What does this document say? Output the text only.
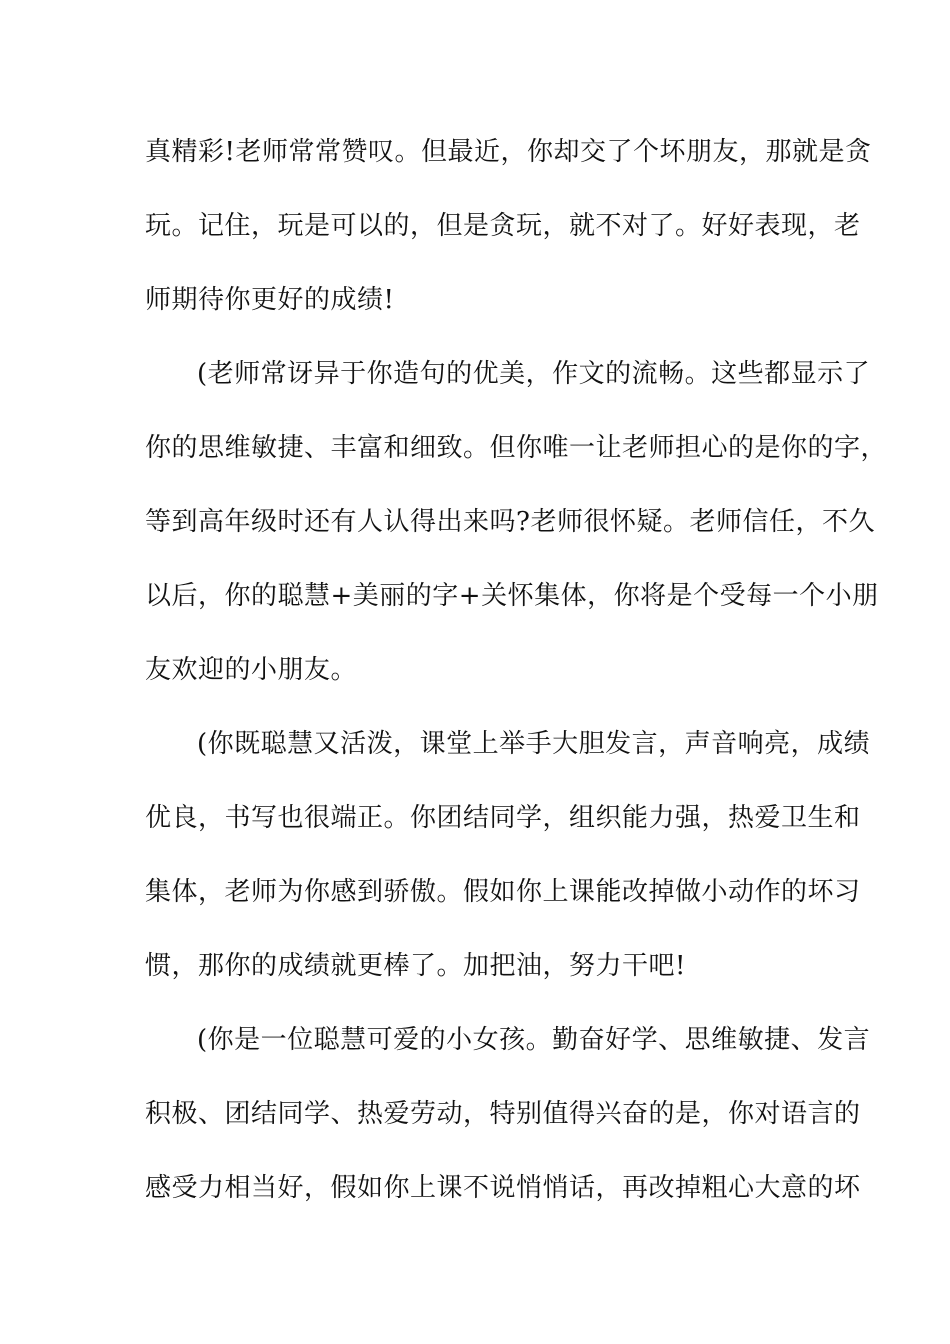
真精彩!老师常常赞叹。但最近，你却交了个坏朋友，那就是贪
玩。记住，玩是可以的，但是贪玩，就不对了。好好表现，老
师期待你更好的成绩!
(老师常讶异于你造句的优美，作文的流畅。这些都显示了
你的思维敏捷、丰富和细致。但你唯一让老师担心的是你的字，
等到高年级时还有人认得出来吗?老师很怀疑。老师信任，不久
以后，你的聪慧+美丽的字+关怀集体，你将是个受每一个小朋
友欢迎的小朋友。
(你既聪慧又活泼，课堂上举手大胆发言，声音响亮，成绩
优良，书写也很端正。你团结同学，组织能力强，热爱卫生和
集体，老师为你感到骄傲。假如你上课能改掉做小动作的坏习
惯，那你的成绩就更棒了。加把油，努力干吧!
(你是一位聪慧可爱的小女孩。勤奋好学、思维敏捷、发言
积极、团结同学、热爱劳动，特别值得兴奋的是，你对语言的
感受力相当好，假如你上课不说悄悄话，再改掉粗心大意的坏
